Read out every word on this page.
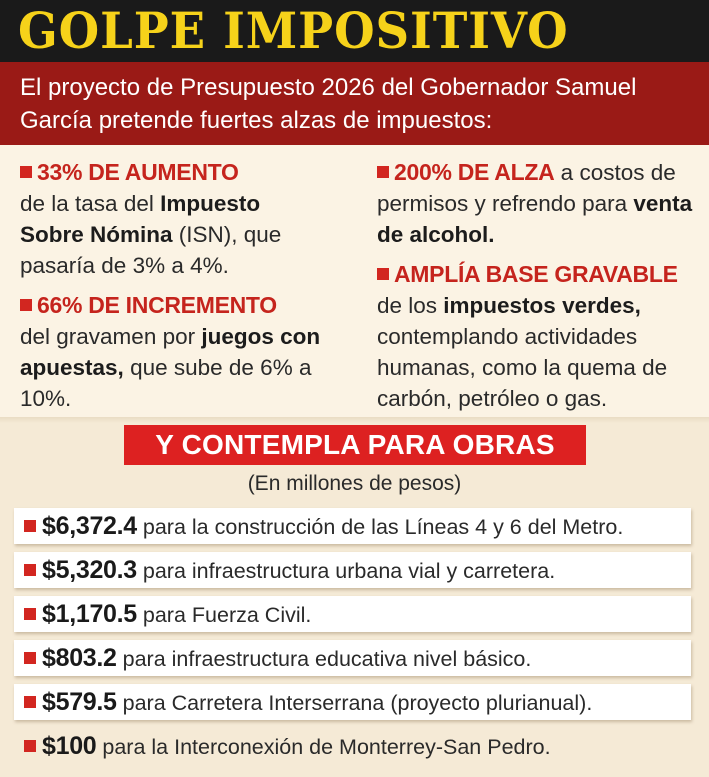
GOLPE IMPOSITIVO

El proyecto de Presupuesto 2026 del Gobernador Samuel García pretende fuertes alzas de impuestos:

33% DE AUMENTO
de la tasa del Impuesto Sobre Nómina (ISN), que pasaría de 3% a 4%.
66% DE INCREMENTO
del gravamen por juegos con apuestas, que sube de 6% a 10%.
200% DE ALZA a costos de permisos y refrendo para venta de alcohol.
AMPLÍA BASE GRAVABLE
de los impuestos verdes, contemplando actividades humanas, como la quema de carbón, petróleo o gas.
Y CONTEMPLA PARA OBRAS
(En millones de pesos)
$6,372.4 para la construcción de las Líneas 4 y 6 del Metro.
$5,320.3 para infraestructura urbana vial y carretera.
$1,170.5 para Fuerza Civil.
$803.2 para infraestructura educativa nivel básico.
$579.5 para Carretera Interserrana (proyecto plurianual).
$100 para la Interconexión de Monterrey-San Pedro.
